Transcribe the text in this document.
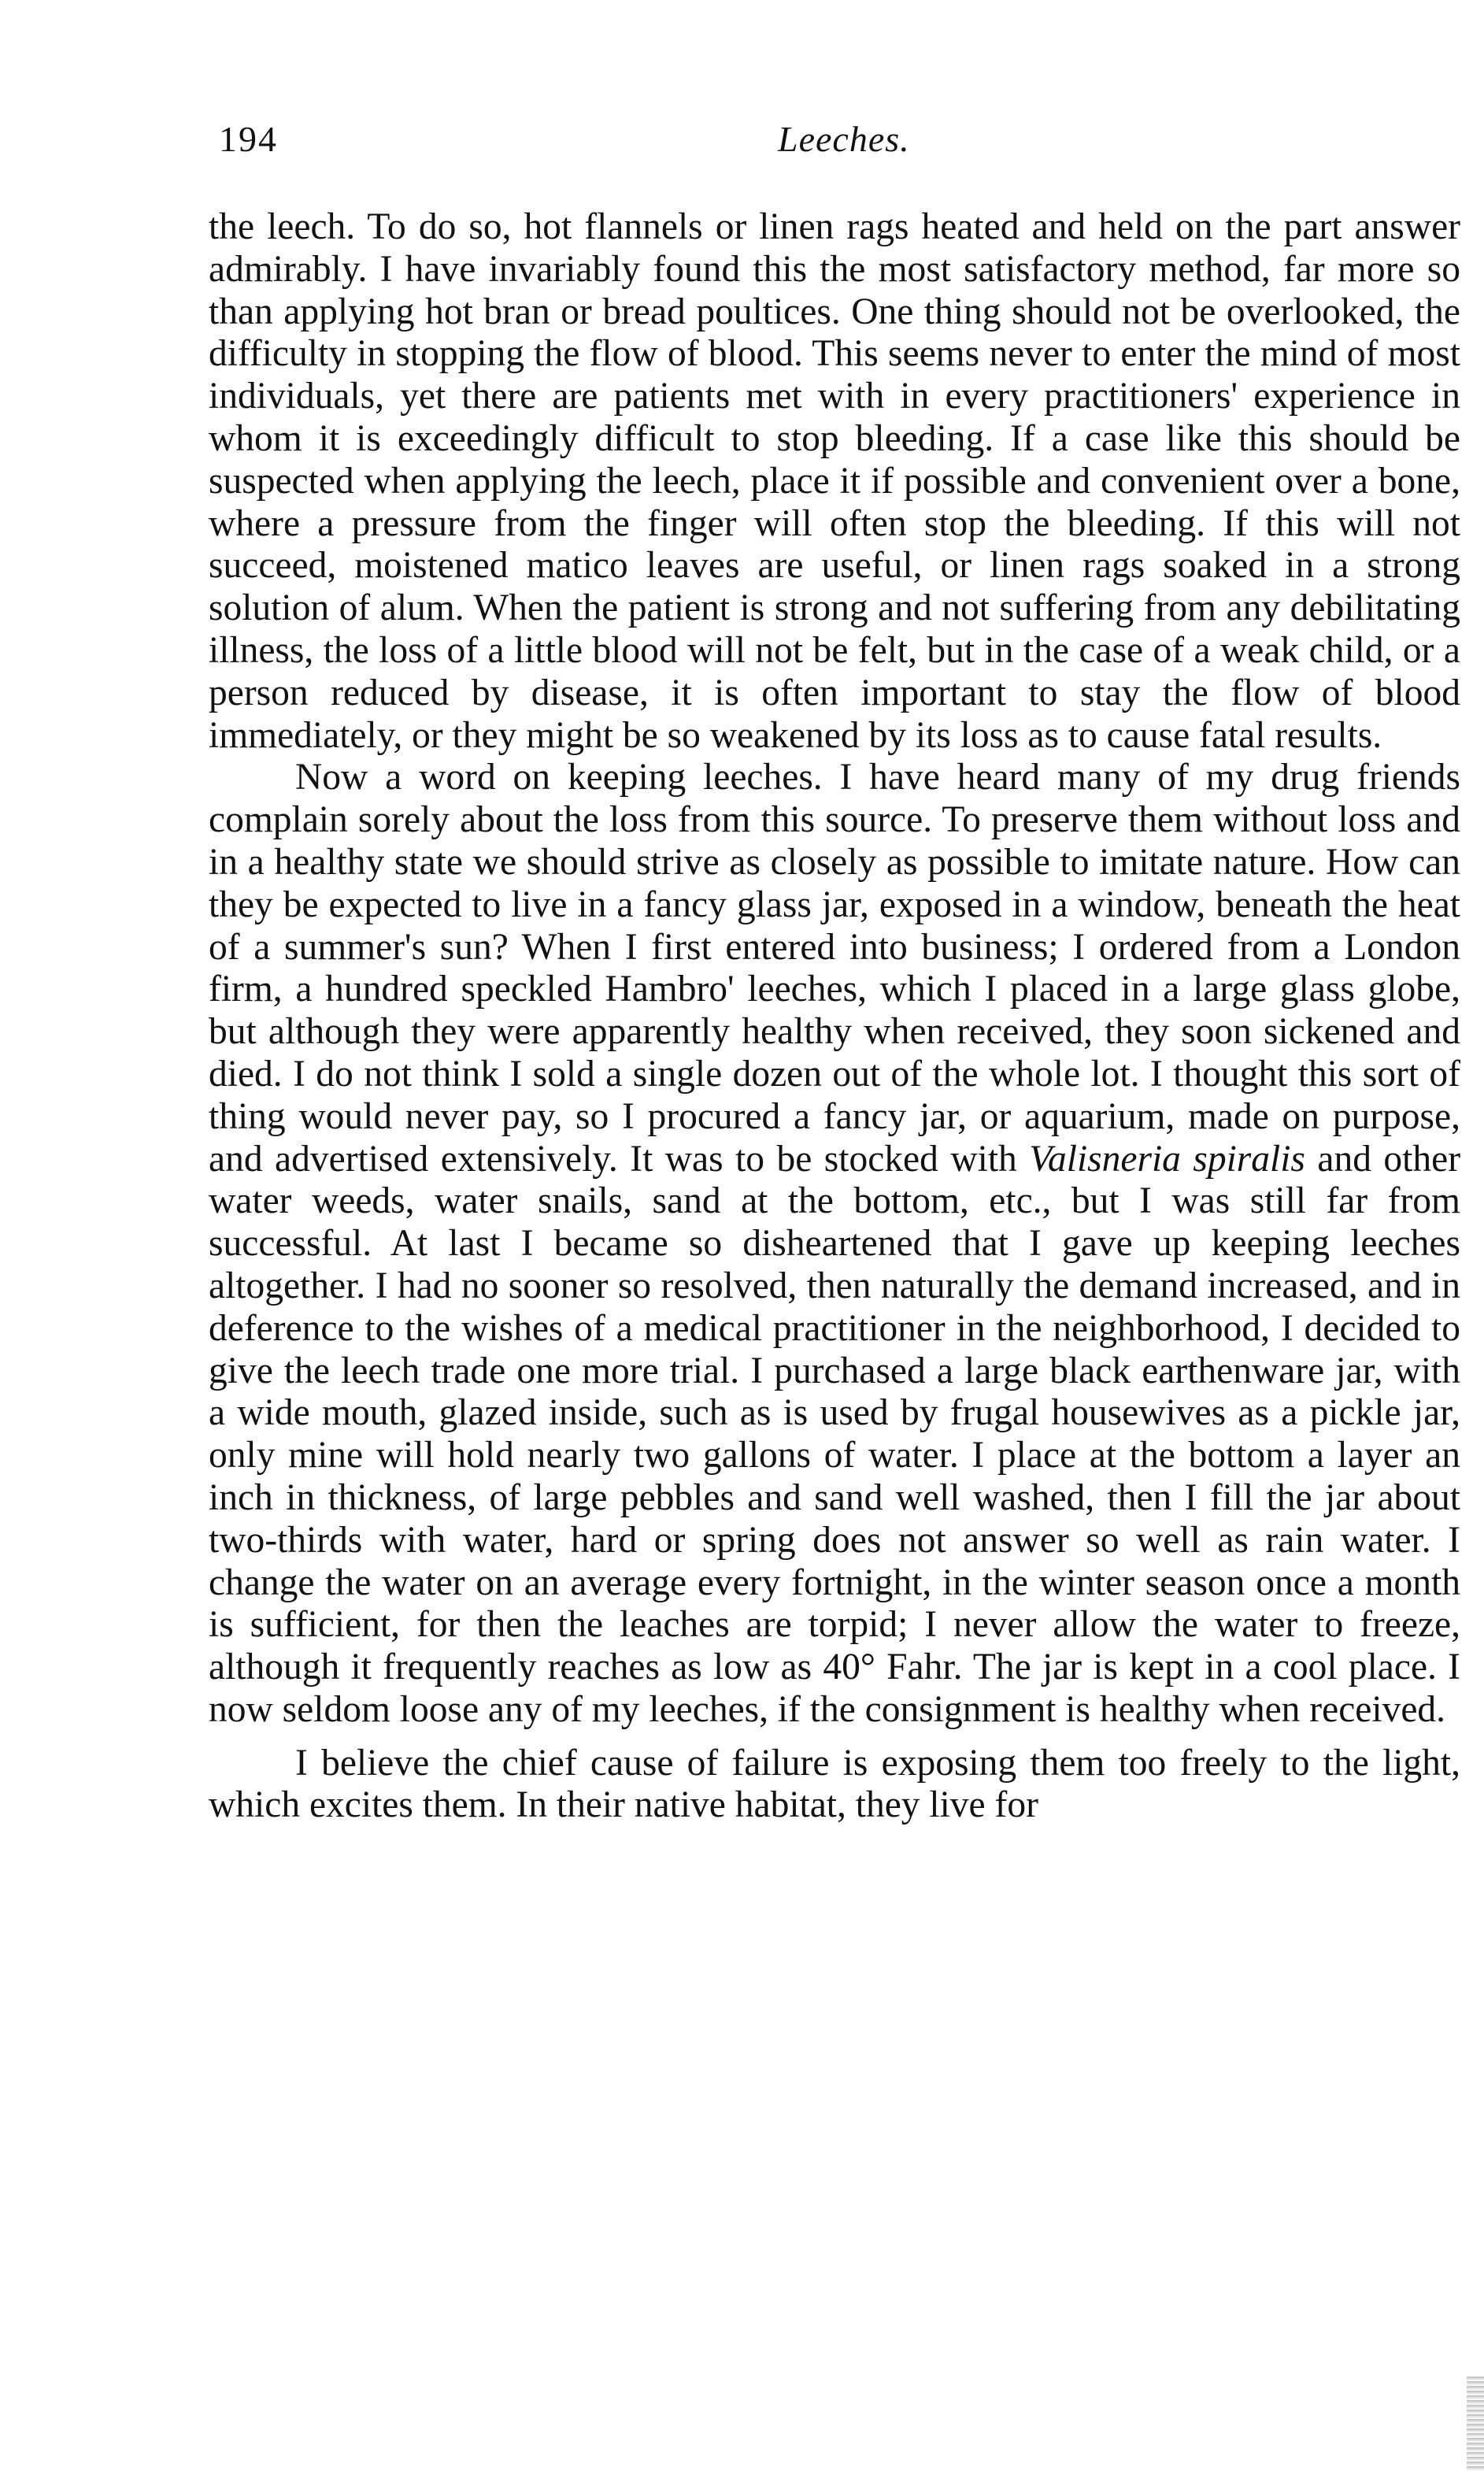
194	Leeches.

the leech. To do so, hot flannels or linen rags heated and held on the part answer admirably. I have invariably found this the most satisfactory method, far more so than applying hot bran or bread poultices. One thing should not be overlooked, the difficulty in stopping the flow of blood. This seems never to enter the mind of most individuals, yet there are patients met with in every practitioners' experience in whom it is exceedingly difficult to stop bleeding. If a case like this should be suspected when applying the leech, place it if possible and convenient over a bone, where a pressure from the finger will often stop the bleeding. If this will not succeed, moistened matico leaves are useful, or linen rags soaked in a strong solution of alum. When the patient is strong and not suffering from any debilitating illness, the loss of a little blood will not be felt, but in the case of a weak child, or a person reduced by disease, it is often important to stay the flow of blood immediately, or they might be so weakened by its loss as to cause fatal results.

Now a word on keeping leeches. I have heard many of my drug friends complain sorely about the loss from this source. To preserve them without loss and in a healthy state we should strive as closely as possible to imitate nature. How can they be expected to live in a fancy glass jar, exposed in a window, beneath the heat of a summer's sun? When I first entered into business; I ordered from a London firm, a hundred speckled Hambro' leeches, which I placed in a large glass globe, but although they were apparently healthy when received, they soon sickened and died. I do not think I sold a single dozen out of the whole lot. I thought this sort of thing would never pay, so I procured a fancy jar, or aquarium, made on purpose, and advertised extensively. It was to be stocked with Valisneria spiralis and other water weeds, water snails, sand at the bottom, etc., but I was still far from successful. At last I became so disheartened that I gave up keeping leeches altogether. I had no sooner so resolved, then naturally the demand increased, and in deference to the wishes of a medical practitioner in the neighborhood, I decided to give the leech trade one more trial. I purchased a large black earthenware jar, with a wide mouth, glazed inside, such as is used by frugal housewives as a pickle jar, only mine will hold nearly two gallons of water. I place at the bottom a layer an inch in thickness, of large pebbles and sand well washed, then I fill the jar about two-thirds with water, hard or spring does not answer so well as rain water. I change the water on an average every fortnight, in the winter season once a month is sufficient, for then the leaches are torpid; I never allow the water to freeze, although it frequently reaches as low as 40° Fahr. The jar is kept in a cool place. I now seldom loose any of my leeches, if the consignment is healthy when received.

I believe the chief cause of failure is exposing them too freely to the light, which excites them. In their native habitat, they live for
